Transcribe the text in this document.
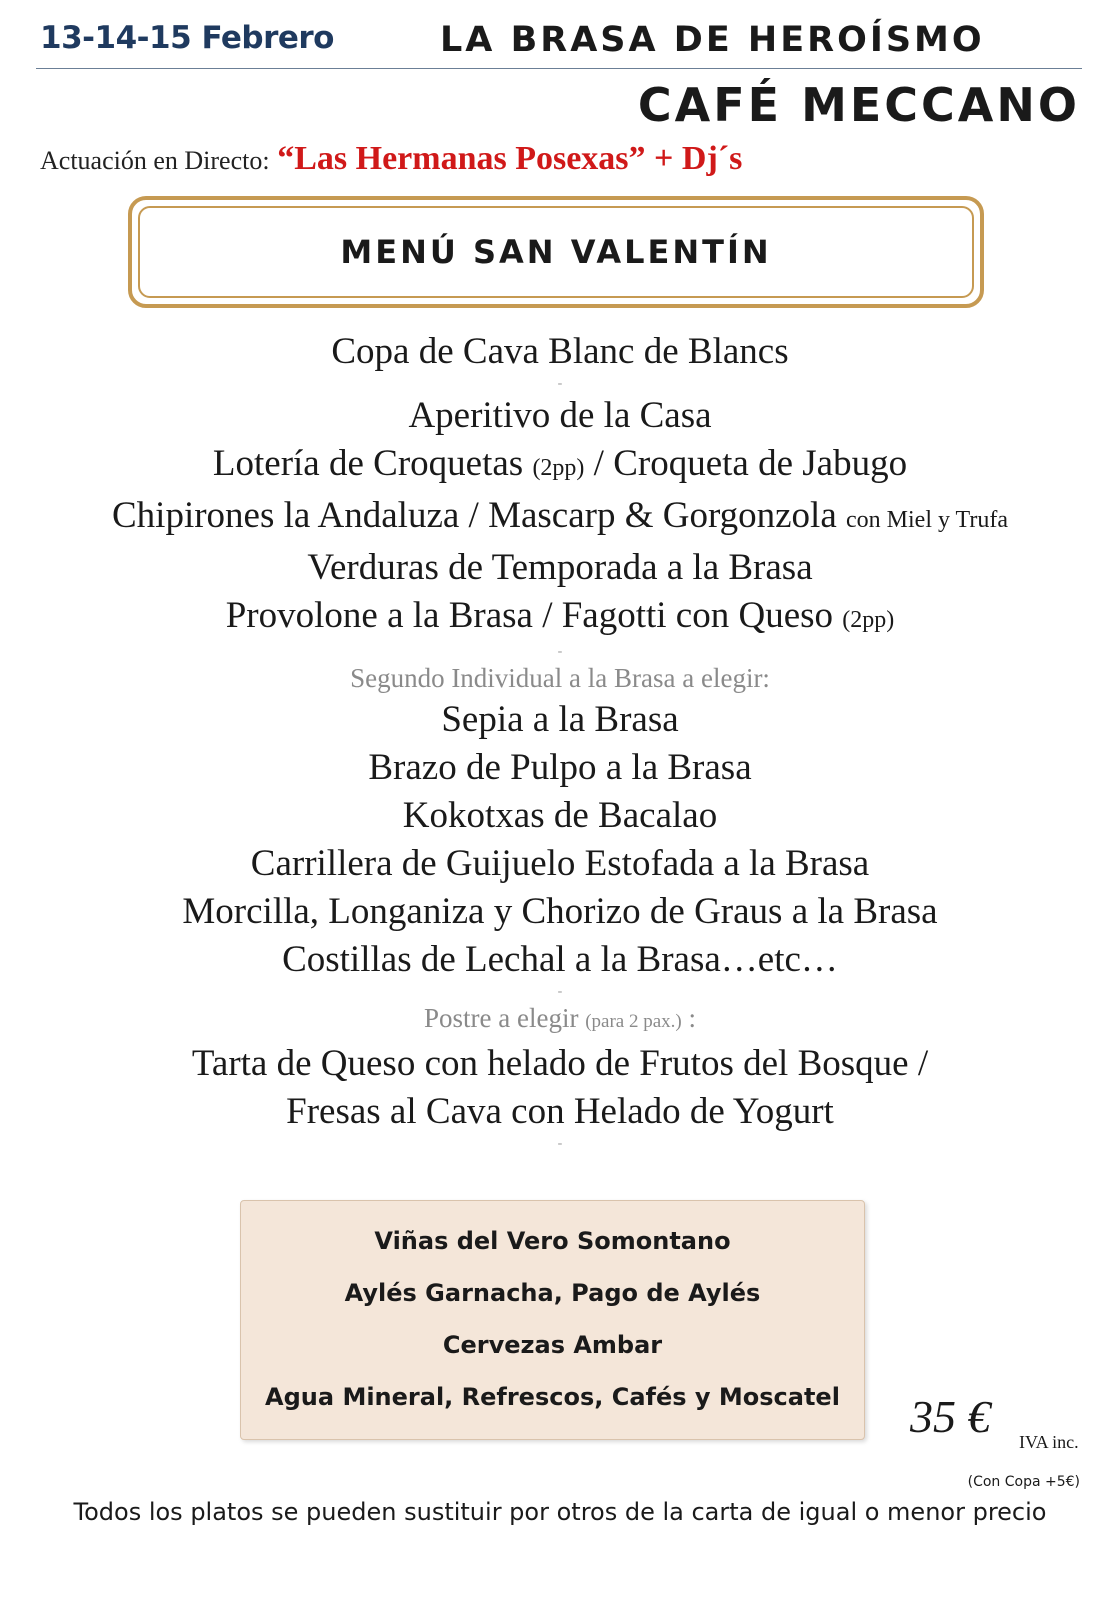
13-14-15 Febrero	LA BRASA DE HEROÍSMO
CAFÉ MECCANO
Actuación en Directo: “Las Hermanas Posexas” + Dj´s
MENÚ SAN VALENTÍN
Copa de Cava Blanc de Blancs
-
Aperitivo de la Casa
Lotería de Croquetas (2pp) / Croqueta de Jabugo
Chipirones la Andaluza / Mascarp & Gorgonzola con Miel y Trufa
Verduras de Temporada a la Brasa
Provolone a la Brasa / Fagotti con Queso (2pp)
-
Segundo Individual a la Brasa a elegir:
Sepia a la Brasa
Brazo de Pulpo a la Brasa
Kokotxas de Bacalao
Carrillera de Guijuelo Estofada a la Brasa
Morcilla, Longaniza y Chorizo de Graus a la Brasa
Costillas de Lechal a la Brasa…etc…
-
Postre a elegir (para 2 pax.) :
Tarta de Queso con helado de Frutos del Bosque /
Fresas al Cava con Helado de Yogurt
-
Viñas del Vero Somontano
Aylés Garnacha, Pago de Aylés
Cervezas Ambar
Agua Mineral, Refrescos, Cafés y Moscatel	35 € IVA inc.
(Con Copa +5€)
Todos los platos se pueden sustituir por otros de la carta de igual o menor precio
